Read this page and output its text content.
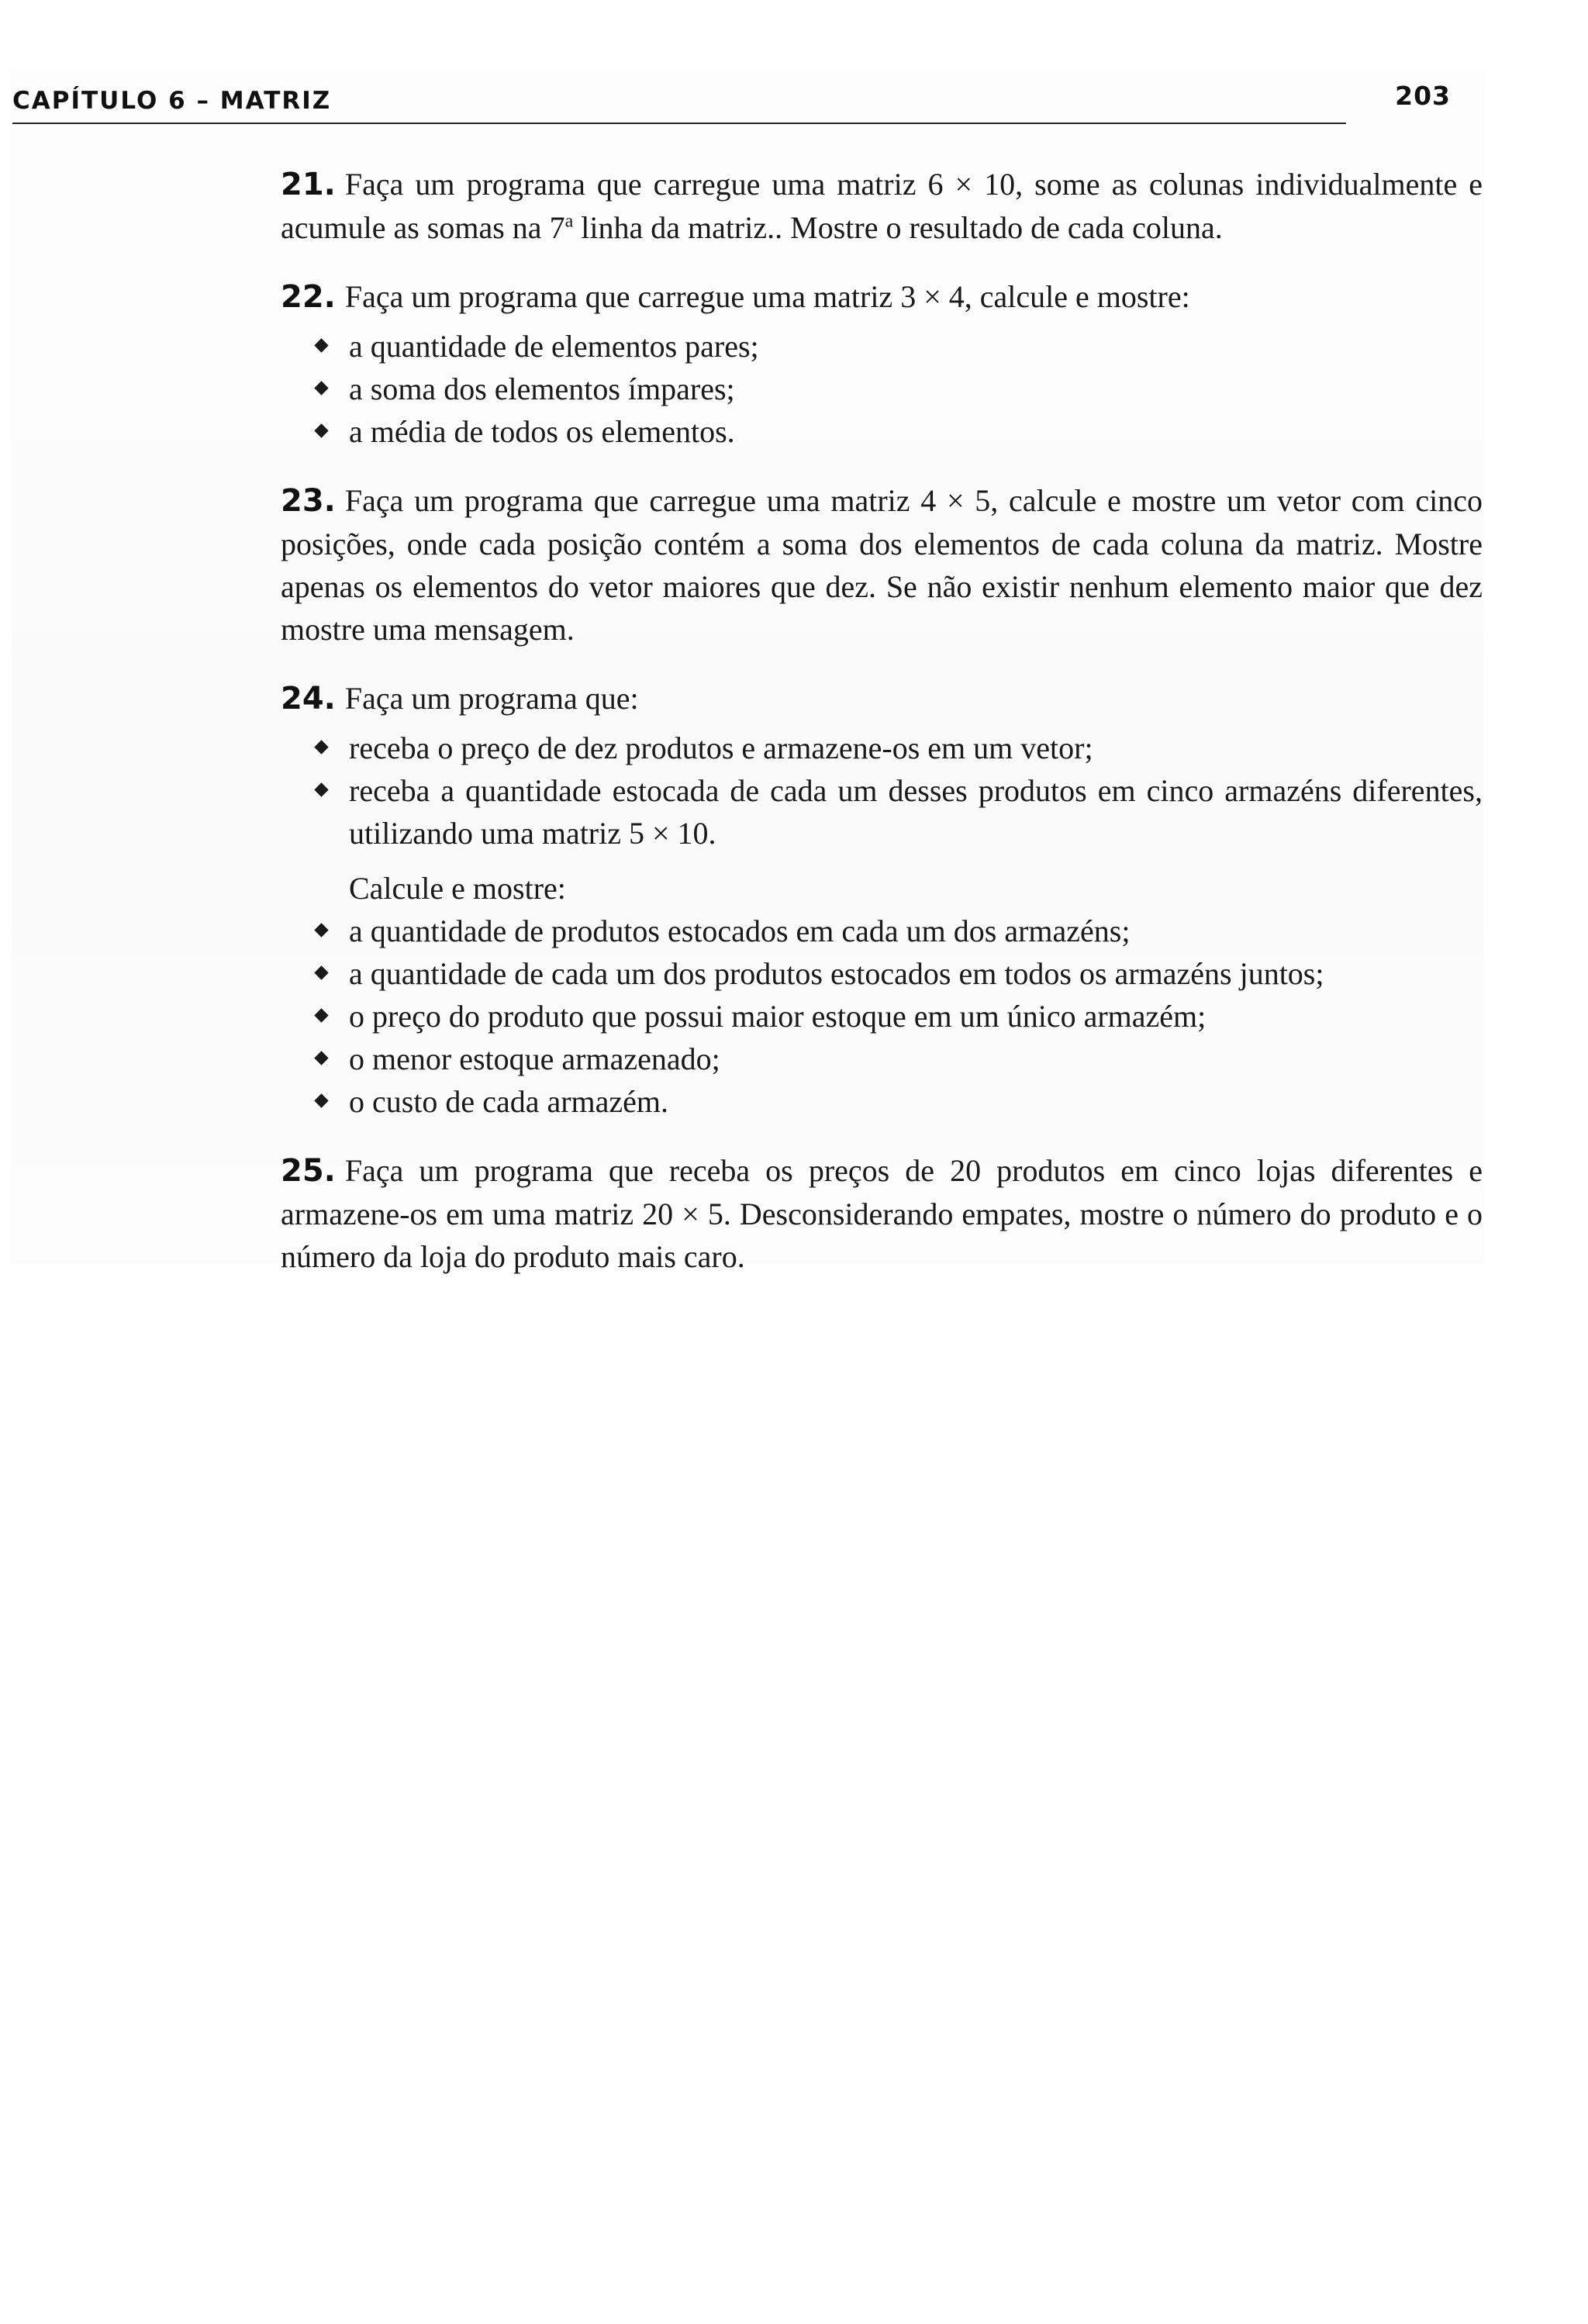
CAPÍTULO 6 – MATRIZ	203

21. Faça um programa que carregue uma matriz 6 × 10, some as colunas individualmente e acumule as somas na 7$^a$ linha da matriz.. Mostre o resultado de cada coluna.

22. Faça um programa que carregue uma matriz 3 × 4, calcule e mostre:

a quantidade de elementos pares;
a soma dos elementos ímpares;
a média de todos os elementos.

23. Faça um programa que carregue uma matriz 4 × 5, calcule e mostre um vetor com cinco posições, onde cada posição contém a soma dos elementos de cada coluna da matriz. Mostre apenas os elementos do vetor maiores que dez. Se não existir nenhum elemento maior que dez mostre uma mensagem.

24. Faça um programa que:

receba o preço de dez produtos e armazene-os em um vetor;
receba a quantidade estocada de cada um desses produtos em cinco armazéns diferentes, utilizando uma matriz 5 × 10.

Calcule e mostre:

a quantidade de produtos estocados em cada um dos armazéns;
a quantidade de cada um dos produtos estocados em todos os armazéns juntos;
o preço do produto que possui maior estoque em um único armazém;
o menor estoque armazenado;
o custo de cada armazém.

25. Faça um programa que receba os preços de 20 produtos em cinco lojas diferentes e armazene-os em uma matriz 20 × 5. Desconsiderando empates, mostre o número do produto e o número da loja do produto mais caro.
